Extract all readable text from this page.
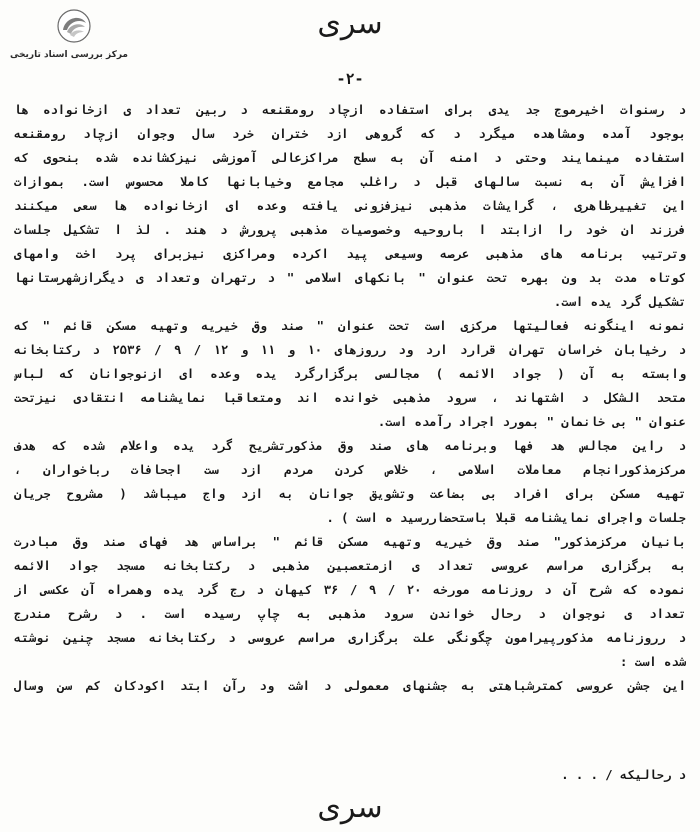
مرکز بررسی اسناد تاریخی
سری
-۲-
د رسنوات اخیرموج جد یدی برای استفاده ازچاد رومقنعه د ربین تعداد ی ازخانواده ها
بوجود آمده ومشاهده میگرد د که گروهی ازد ختران خرد سال وجوان ازچاد رومقنعه
استفاده مینمایند وحتی د امنه آن به سطح مراکزعالی آموزشی نیزکشانده شده بنحوی که
افزایش آن به نسبت سالهای قبل د راغلب مجامع وخیابانها کاملا محسوس است. بموازات
این تغییرظاهری ، گرایشات مذهبی نیزفزونی یافته وعده ای ازخانواده ها سعی میکنند
فرزند ان خود را ازابتد ا باروحیه وخصوصیات مذهبی پرورش د هند . لذ ا تشکیل جلسات
وترتیب برنامه های مذهبی عرصه وسیعی پید اکرده ومراکزی نیزبرای پرد اخت وامهای
کوتاه مدت بد ون بهره تحت عنوان " بانکهای اسلامی " د رتهران وتعداد ی دیگرازشهرستانها
تشکیل گرد یده است.
نمونه اینگونه فعالیتها مرکزی است تحت عنوان " صند وق خیریه وتهیه مسکن قائم " که
د رخیابان خراسان تهران قرارد ارد ود رروزهای ۱۰ و ۱۱ و ۱۲ / ۹ / ۲۵۳۶ د رکتابخانه
وابسته به آن ( جواد الائمه ) مجالسی برگزارگرد یده وعده ای ازنوجوانان که لباس
متحد الشکل د اشتهاند ، سرود مذهبی خوانده اند ومتعاقبا نمایشنامه انتقادی نیزتحت
عنوان " بی خانمان " بمورد اجراد رآمده است.
د راین مجالس هد فها وبرنامه های صند وق مذکورتشریح گرد یده واعلام شده که هدف
مرکزمذکورانجام معاملات اسلامی ، خلاص کردن مردم ازد ست اجحافات رباخواران ،
تهیه مسکن برای افراد بی بضاعت وتشویق جوانان به ازد واج میباشد ( مشروح جریان
جلسات واجرای نمایشنامه قبلا باستحضاررسید ه است ) .
بانیان مرکزمذکور" صند وق خیریه وتهیه مسکن قائم " براساس هد فهای صند وق مبادرت
به برگزاری مراسم عروسی تعداد ی ازمتعصبین مذهبی د رکتابخانه مسجد جواد الائمه
نموده که شرح آن د روزنامه مورخه ۲۰ / ۹ / ۳۶ کیهان د رج گرد یده وهمراه آن عکسی از
تعداد ی نوجوان د رحال خواندن سرود مذهبی به چاپ رسیده است . د رشرح مندرج
د رروزنامه مذکورپیرامون چگونگی علت برگزاری مراسم عروسی د رکتابخانه مسجد چنین نوشته
شده است :
این جشن عروسی کمترشباهتی به جشنهای معمولی د اشت ود رآن ابتد اکودکان کم سن وسال
د رحالیکه / . . .
سری
